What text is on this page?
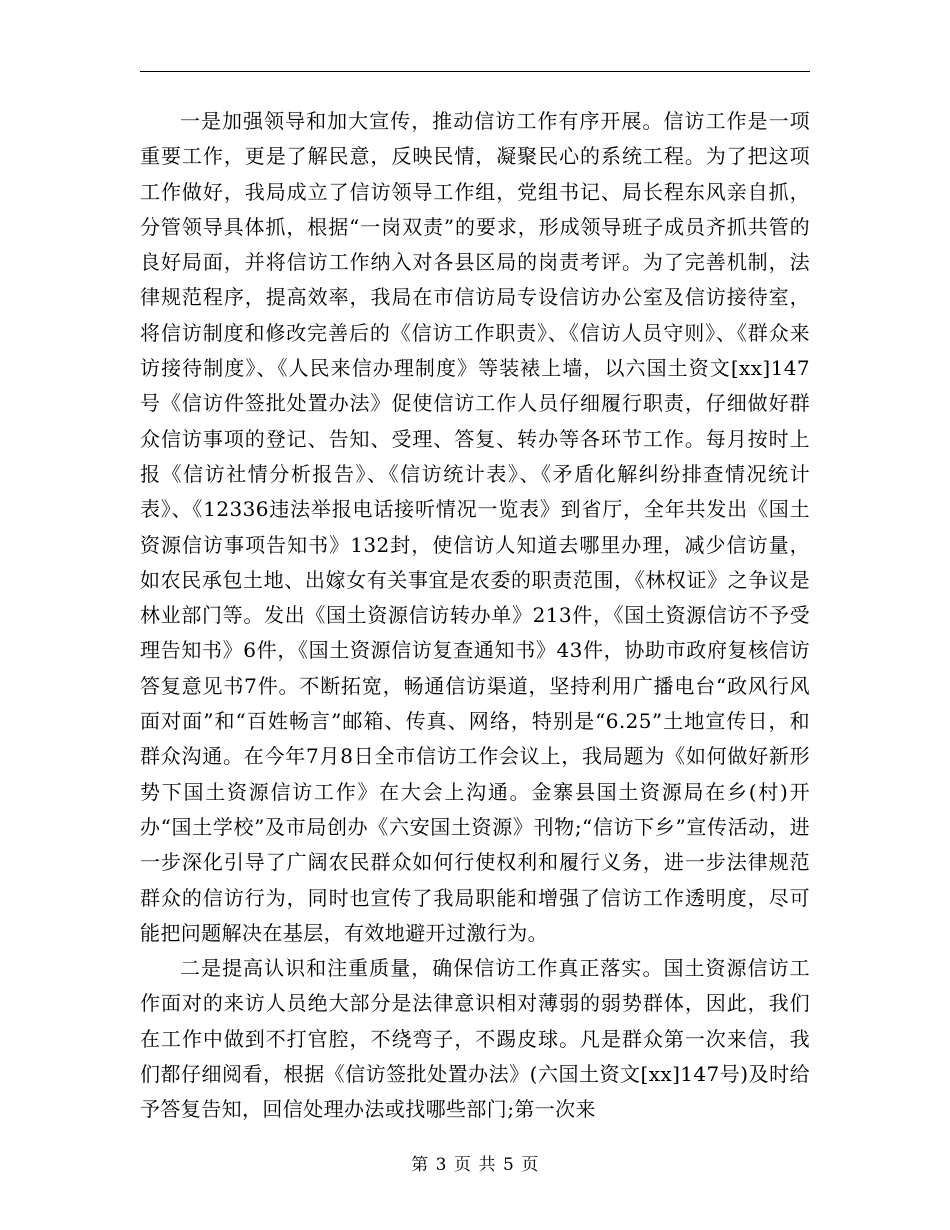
一是加强领导和加大宣传，推动信访工作有序开展。信访工作是一项重要工作，更是了解民意，反映民情，凝聚民心的系统工程。为了把这项工作做好，我局成立了信访领导工作组，党组书记、局长程东风亲自抓，分管领导具体抓，根据“一岗双责”的要求，形成领导班子成员齐抓共管的良好局面，并将信访工作纳入对各县区局的岗责考评。为了完善机制，法律规范程序，提高效率，我局在市信访局专设信访办公室及信访接待室，将信访制度和修改完善后的《信访工作职责》、《信访人员守则》、《群众来访接待制度》、《人民来信办理制度》等装裱上墙，以六国土资文[xx]147号《信访件签批处置办法》促使信访工作人员仔细履行职责，仔细做好群众信访事项的登记、告知、受理、答复、转办等各环节工作。每月按时上报《信访社情分析报告》、《信访统计表》、《矛盾化解纠纷排查情况统计表》、《12336违法举报电话接听情况一览表》到省厅，全年共发出《国土资源信访事项告知书》132封，使信访人知道去哪里办理，减少信访量，如农民承包土地、出嫁女有关事宜是农委的职责范围，《林权证》之争议是林业部门等。发出《国土资源信访转办单》213件，《国土资源信访不予受理告知书》6件，《国土资源信访复查通知书》43件，协助市政府复核信访答复意见书7件。不断拓宽，畅通信访渠道，坚持利用广播电台“政风行风面对面”和“百姓畅言”邮箱、传真、网络，特别是“6.25”土地宣传日，和群众沟通。在今年7月8日全市信访工作会议上，我局题为《如何做好新形势下国土资源信访工作》在大会上沟通。金寨县国土资源局在乡(村)开办“国土学校”及市局创办《六安国土资源》刊物;“信访下乡”宣传活动，进一步深化引导了广阔农民群众如何行使权利和履行义务，进一步法律规范群众的信访行为，同时也宣传了我局职能和增强了信访工作透明度，尽可能把问题解决在基层，有效地避开过激行为。

二是提高认识和注重质量，确保信访工作真正落实。国土资源信访工作面对的来访人员绝大部分是法律意识相对薄弱的弱势群体，因此，我们在工作中做到不打官腔，不绕弯子，不踢皮球。凡是群众第一次来信，我们都仔细阅看，根据《信访签批处置办法》(六国土资文[xx]147号)及时给予答复告知，回信处理办法或找哪些部门;第一次来

第 3 页 共 5 页
